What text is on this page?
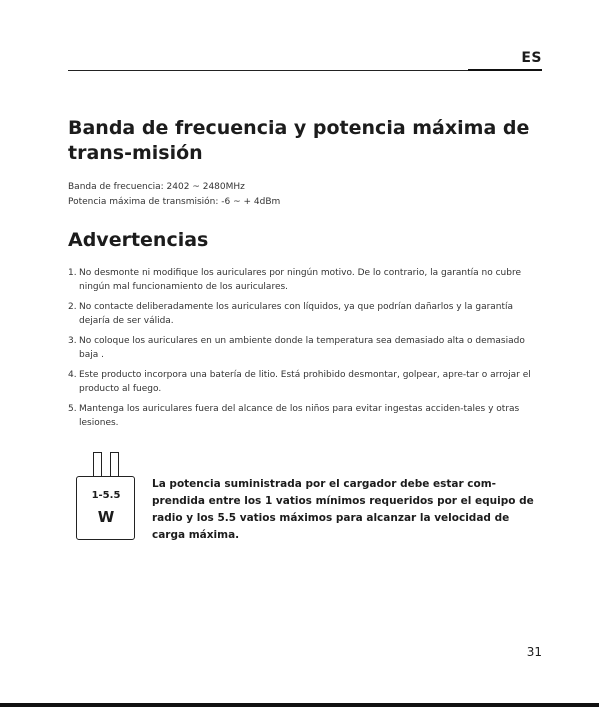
ES
Banda de frecuencia y potencia máxima de trans-misión
Banda de frecuencia: 2402 ~ 2480MHz
Potencia máxima de transmisión: -6 ~ + 4dBm
Advertencias
1. No desmonte ni modifique los auriculares por ningún motivo. De lo contrario, la garantía no cubre ningún mal funcionamiento de los auriculares.
2. No contacte deliberadamente los auriculares con líquidos, ya que podrían dañarlos y la garantía dejaría de ser válida.
3. No coloque los auriculares en un ambiente donde la temperatura sea demasiado alta o demasiado baja .
4. Este producto incorpora una batería de litio. Está prohibido desmontar, golpear, apre-tar o arrojar el producto al fuego.
5. Mantenga los auriculares fuera del alcance de los niños para evitar ingestas acciden-tales y otras lesiones.
1-5.5
W

La potencia suministrada por el cargador debe estar com-prendida entre los 1 vatios mínimos requeridos por el equipo de radio y los 5.5 vatios máximos para alcanzar la velocidad de carga máxima.

31
